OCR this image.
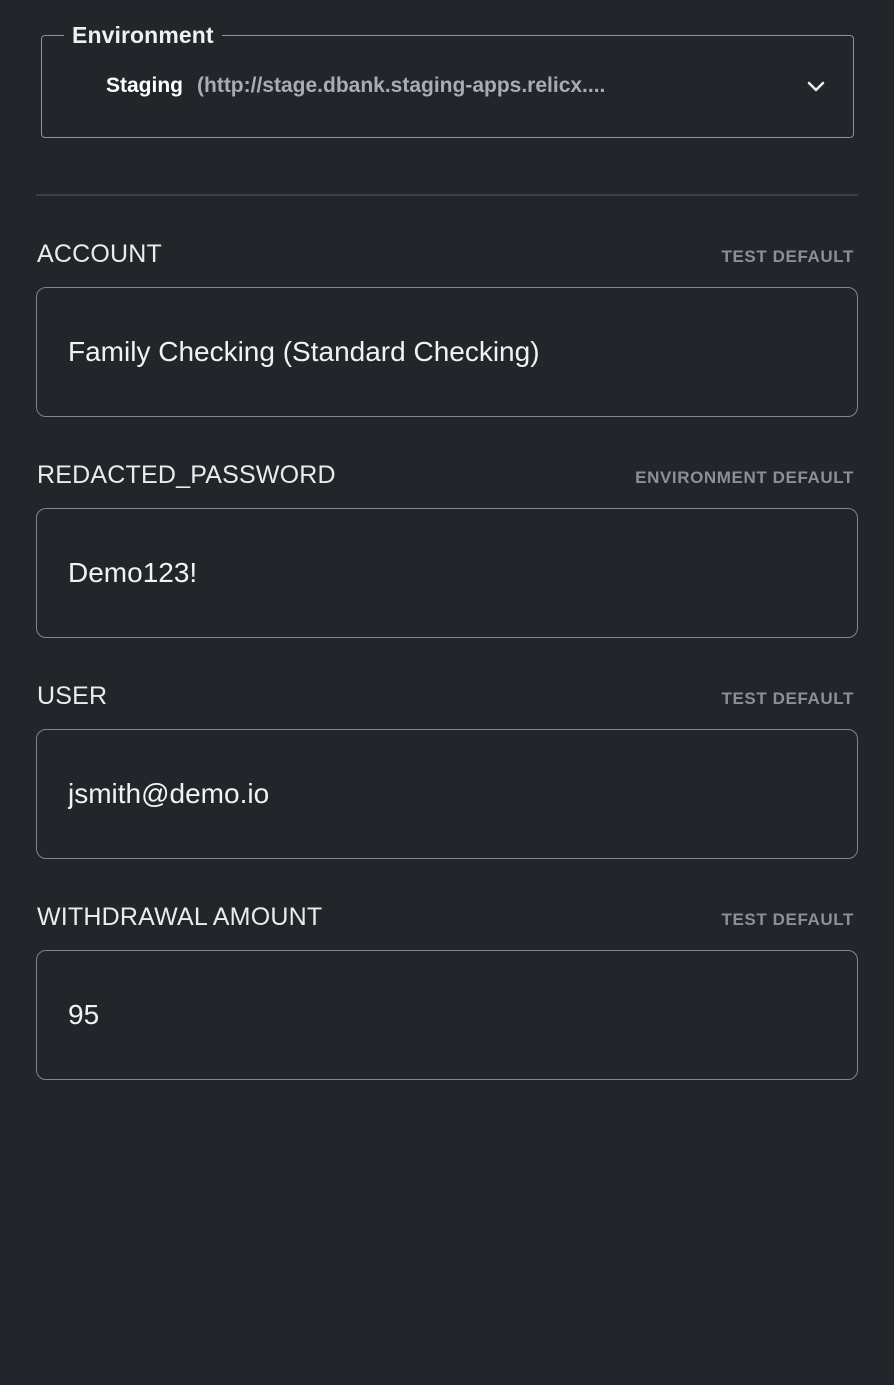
Environment
Staging (http://stage.dbank.staging-apps.relicx....
ACCOUNT	TEST DEFAULT
Family Checking (Standard Checking)
REDACTED_PASSWORD	ENVIRONMENT DEFAULT
Demo123!
USER	TEST DEFAULT
jsmith@demo.io
WITHDRAWAL AMOUNT	TEST DEFAULT
95
